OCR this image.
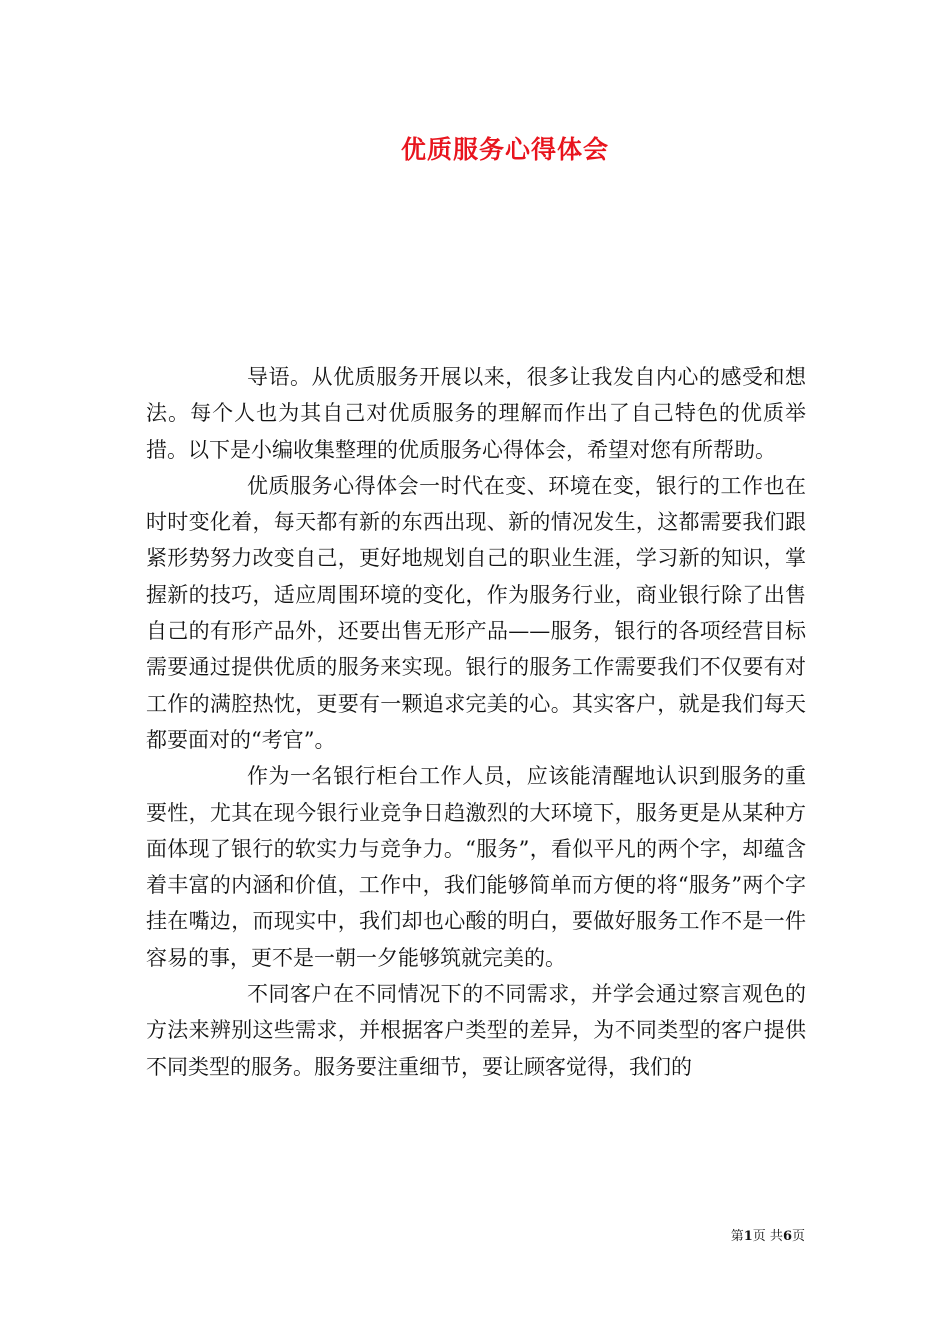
优质服务心得体会

导语。从优质服务开展以来，很多让我发自内心的感受和想法。每个人也为其自己对优质服务的理解而作出了自己特色的优质举措。以下是小编收集整理的优质服务心得体会，希望对您有所帮助。

优质服务心得体会一时代在变、环境在变，银行的工作也在时时变化着，每天都有新的东西出现、新的情况发生，这都需要我们跟紧形势努力改变自己，更好地规划自己的职业生涯，学习新的知识，掌握新的技巧，适应周围环境的变化，作为服务行业，商业银行除了出售自己的有形产品外，还要出售无形产品——服务，银行的各项经营目标需要通过提供优质的服务来实现。银行的服务工作需要我们不仅要有对工作的满腔热忱，更要有一颗追求完美的心。其实客户，就是我们每天都要面对的“考官”。

作为一名银行柜台工作人员，应该能清醒地认识到服务的重要性，尤其在现今银行业竞争日趋激烈的大环境下，服务更是从某种方面体现了银行的软实力与竞争力。“服务”，看似平凡的两个字，却蕴含着丰富的内涵和价值，工作中，我们能够简单而方便的将“服务”两个字挂在嘴边，而现实中，我们却也心酸的明白，要做好服务工作不是一件容易的事，更不是一朝一夕能够筑就完美的。

不同客户在不同情况下的不同需求，并学会通过察言观色的方法来辨别这些需求，并根据客户类型的差异，为不同类型的客户提供不同类型的服务。服务要注重细节，要让顾客觉得，我们的

第1页 共6页
